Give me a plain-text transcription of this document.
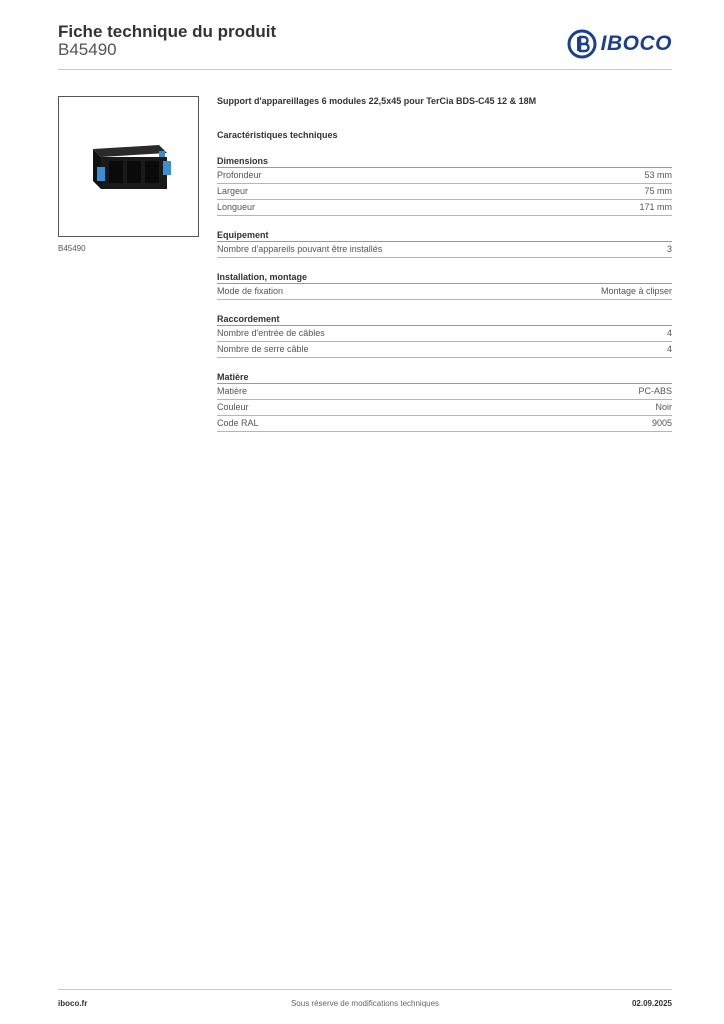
Fiche technique du produit
B45490	IBOCO
B45490
Support d'appareillages 6 modules 22,5x45 pour TerCia BDS-C45 12 & 18M
Caractéristiques techniques
Dimensions
Profondeur	53 mm
Largeur	75 mm
Longueur	171 mm
Equipement
Nombre d'appareils pouvant être installés	3
Installation, montage
Mode de fixation	Montage à clipser
Raccordement
Nombre d'entrée de câbles	4
Nombre de serre câble	4
Matière
Matière	PC-ABS
Couleur	Noir
Code RAL	9005
iboco.fr	Sous réserve de modifications techniques	02.09.2025
